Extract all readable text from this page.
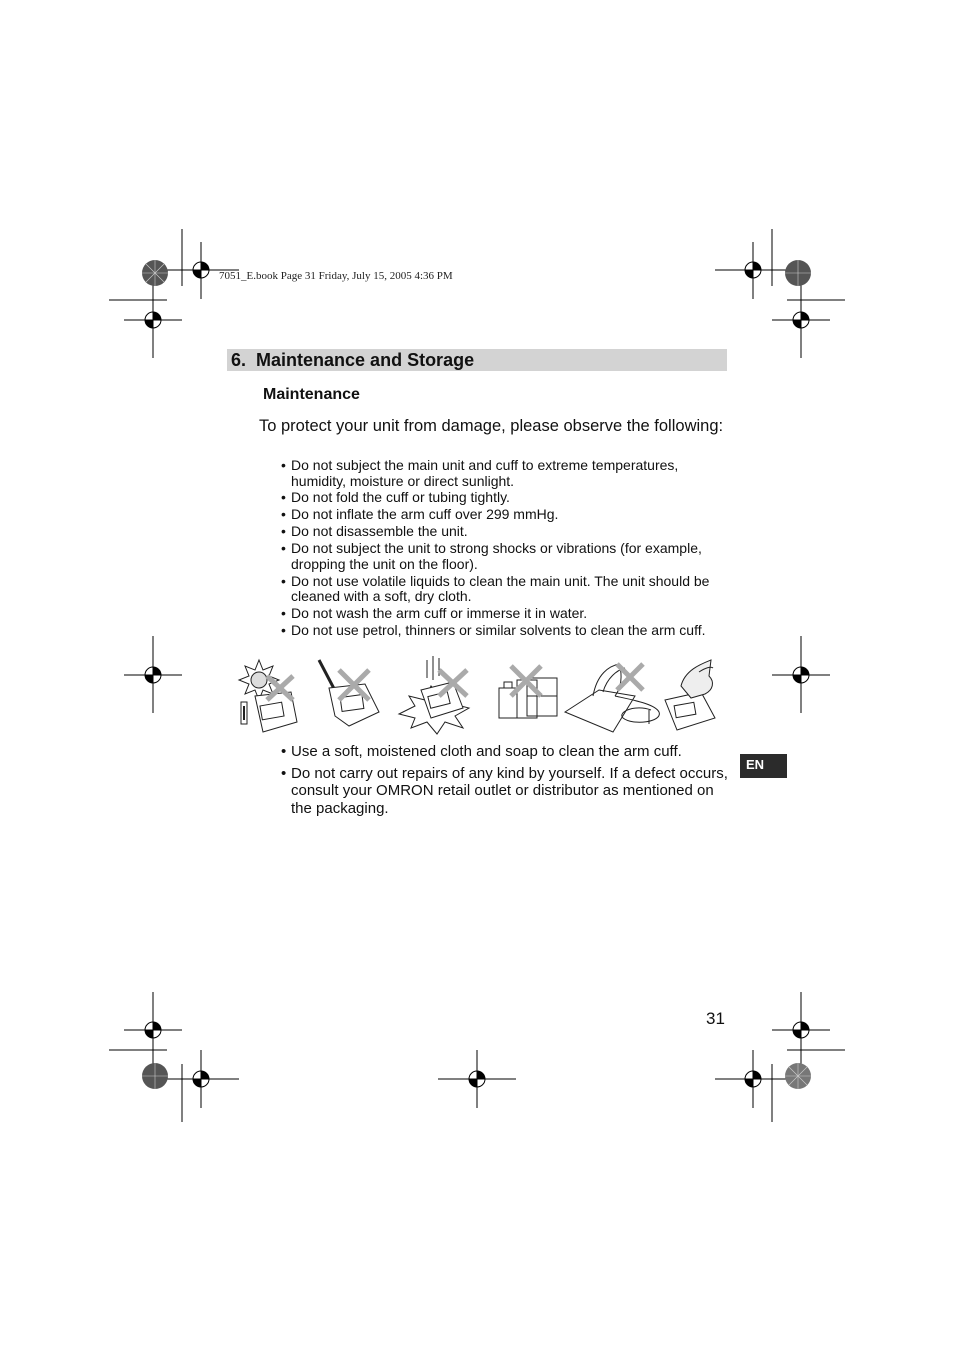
7051_E.book Page 31 Friday, July 15, 2005 4:36 PM
6. Maintenance and Storage
Maintenance
To protect your unit from damage, please observe the following:
• Do not subject the main unit and cuff to extreme temperatures, humidity, moisture or direct sunlight.
• Do not fold the cuff or tubing tightly.
• Do not inflate the arm cuff over 299 mmHg.
• Do not disassemble the unit.
• Do not subject the unit to strong shocks or vibrations (for example, dropping the unit on the floor).
• Do not use volatile liquids to clean the main unit. The unit should be cleaned with a soft, dry cloth.
• Do not wash the arm cuff or immerse it in water.
• Do not use petrol, thinners or similar solvents to clean the arm cuff.
• Use a soft, moistened cloth and soap to clean the arm cuff.
• Do not carry out repairs of any kind by yourself. If a defect occurs, consult your OMRON retail outlet or distributor as mentioned on the packaging.
EN
31
